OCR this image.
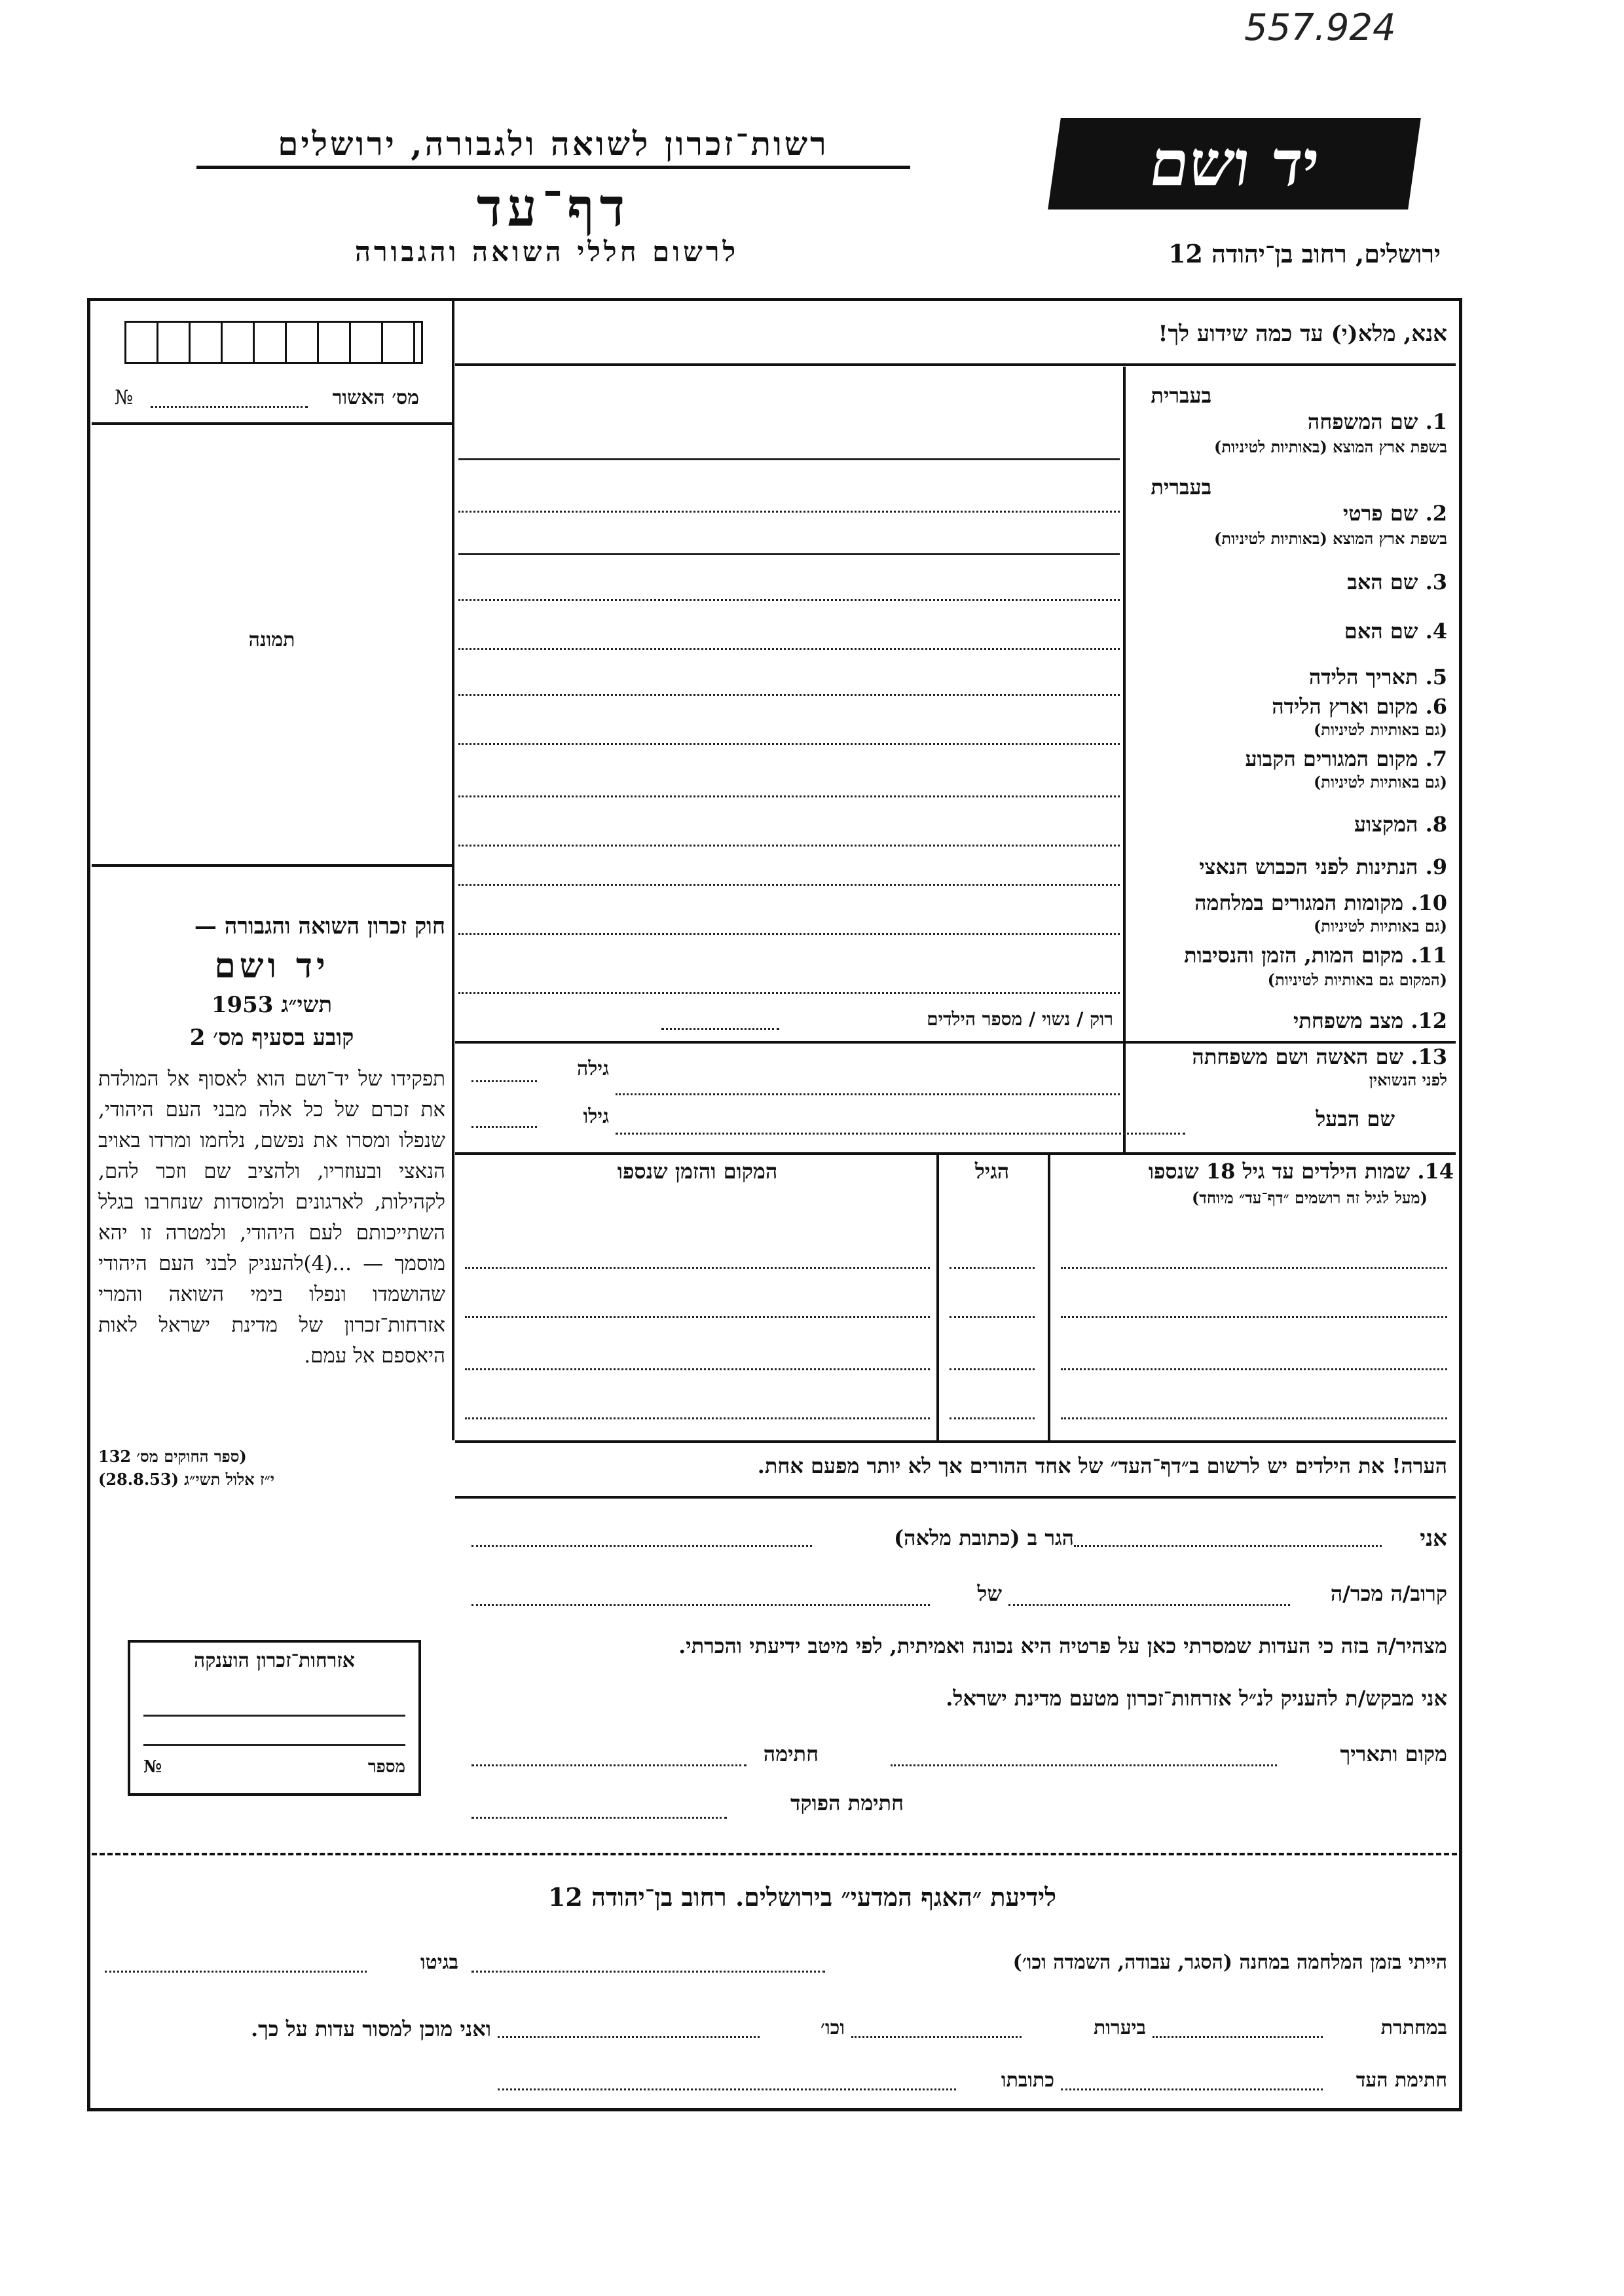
557.924
רשות־זכרון לשואה ולגבורה, ירושלים
דף־עד
לרשום חללי השואה והגבורה
יד ושם
ירושלים, רחוב בן־יהודה 12
מס׳ האשור
№
תמונה
חוק זכרון השואה והגבורה —
יד ושם
תשי״ג 1953
קובע בסעיף מס׳ 2
תפקידו של יד־ושם הוא לאסוף אל המולדת את זכרם של כל אלה מבני העם היהודי, שנפלו ומסרו את נפשם, נלחמו ומרדו באויב הנאצי ובעוזריו, ולהציב שם וזכר להם, לקהילות, לארגונים ולמוסדות שנחרבו בגלל השתייכותם לעם היהודי, ולמטרה זו יהא מוסמך — ...(4)להעניק לבני העם היהודי שהושמדו ונפלו בימי השואה והמרי אזרחות־זכרון של מדינת ישראל לאות היאספם אל עמם.
(ספר החוקים מס׳ 132
י״ז אלול תשי״ג (28.8.53)
אנא, מלא(י) עד כמה שידוע לך!
בעברית
1. שם המשפחה
בשפת ארץ המוצא (באותיות לטיניות)
בעברית
2. שם פרטי
בשפת ארץ המוצא (באותיות לטיניות)
3. שם האב
4. שם האם
5. תאריך הלידה
6. מקום וארץ הלידה
(גם באותיות לטיניות)
7. מקום המגורים הקבוע
(גם באותיות לטיניות)
8. המקצוע
9. הנתינות לפני הכבוש הנאצי
10. מקומות המגורים במלחמה
(גם באותיות לטיניות)
11. מקום המות, הזמן והנסיבות
(המקום גם באותיות לטיניות)
12. מצב משפחתי
רוק / נשוי / מספר הילדים
13. שם האשה ושם משפחתה
לפני הנשואין
גילה
שם הבעל
גילו
14. שמות הילדים עד גיל 18 שנספו
(מעל לגיל זה רושמים ״דף־עד״ מיוחד)
הגיל
המקום והזמן שנספו
הערה! את הילדים יש לרשום ב״דף־העד״ של אחד ההורים אך לא יותר מפעם אחת.
אני
הגר ב (כתובת מלאה)
קרוב/ה מכר/ה
של
מצהיר/ה בזה כי העדות שמסרתי כאן על פרטיה היא נכונה ואמיתית, לפי מיטב ידיעתי והכרתי.
אני מבקש/ת להעניק לנ״ל אזרחות־זכרון מטעם מדינת ישראל.
מקום ותאריך
חתימה
חתימת הפוקד
אזרחות־זכרון הוענקה
מספר
№
לידיעת ״האגף המדעי״ בירושלים. רחוב בן־יהודה 12
הייתי בזמן המלחמה במחנה (הסגר, עבודה, השמדה וכו׳)
בגיטו
במחתרת
ביערות
וכו׳
ואני מוכן למסור עדות על כך.
חתימת העד
כתובתו
